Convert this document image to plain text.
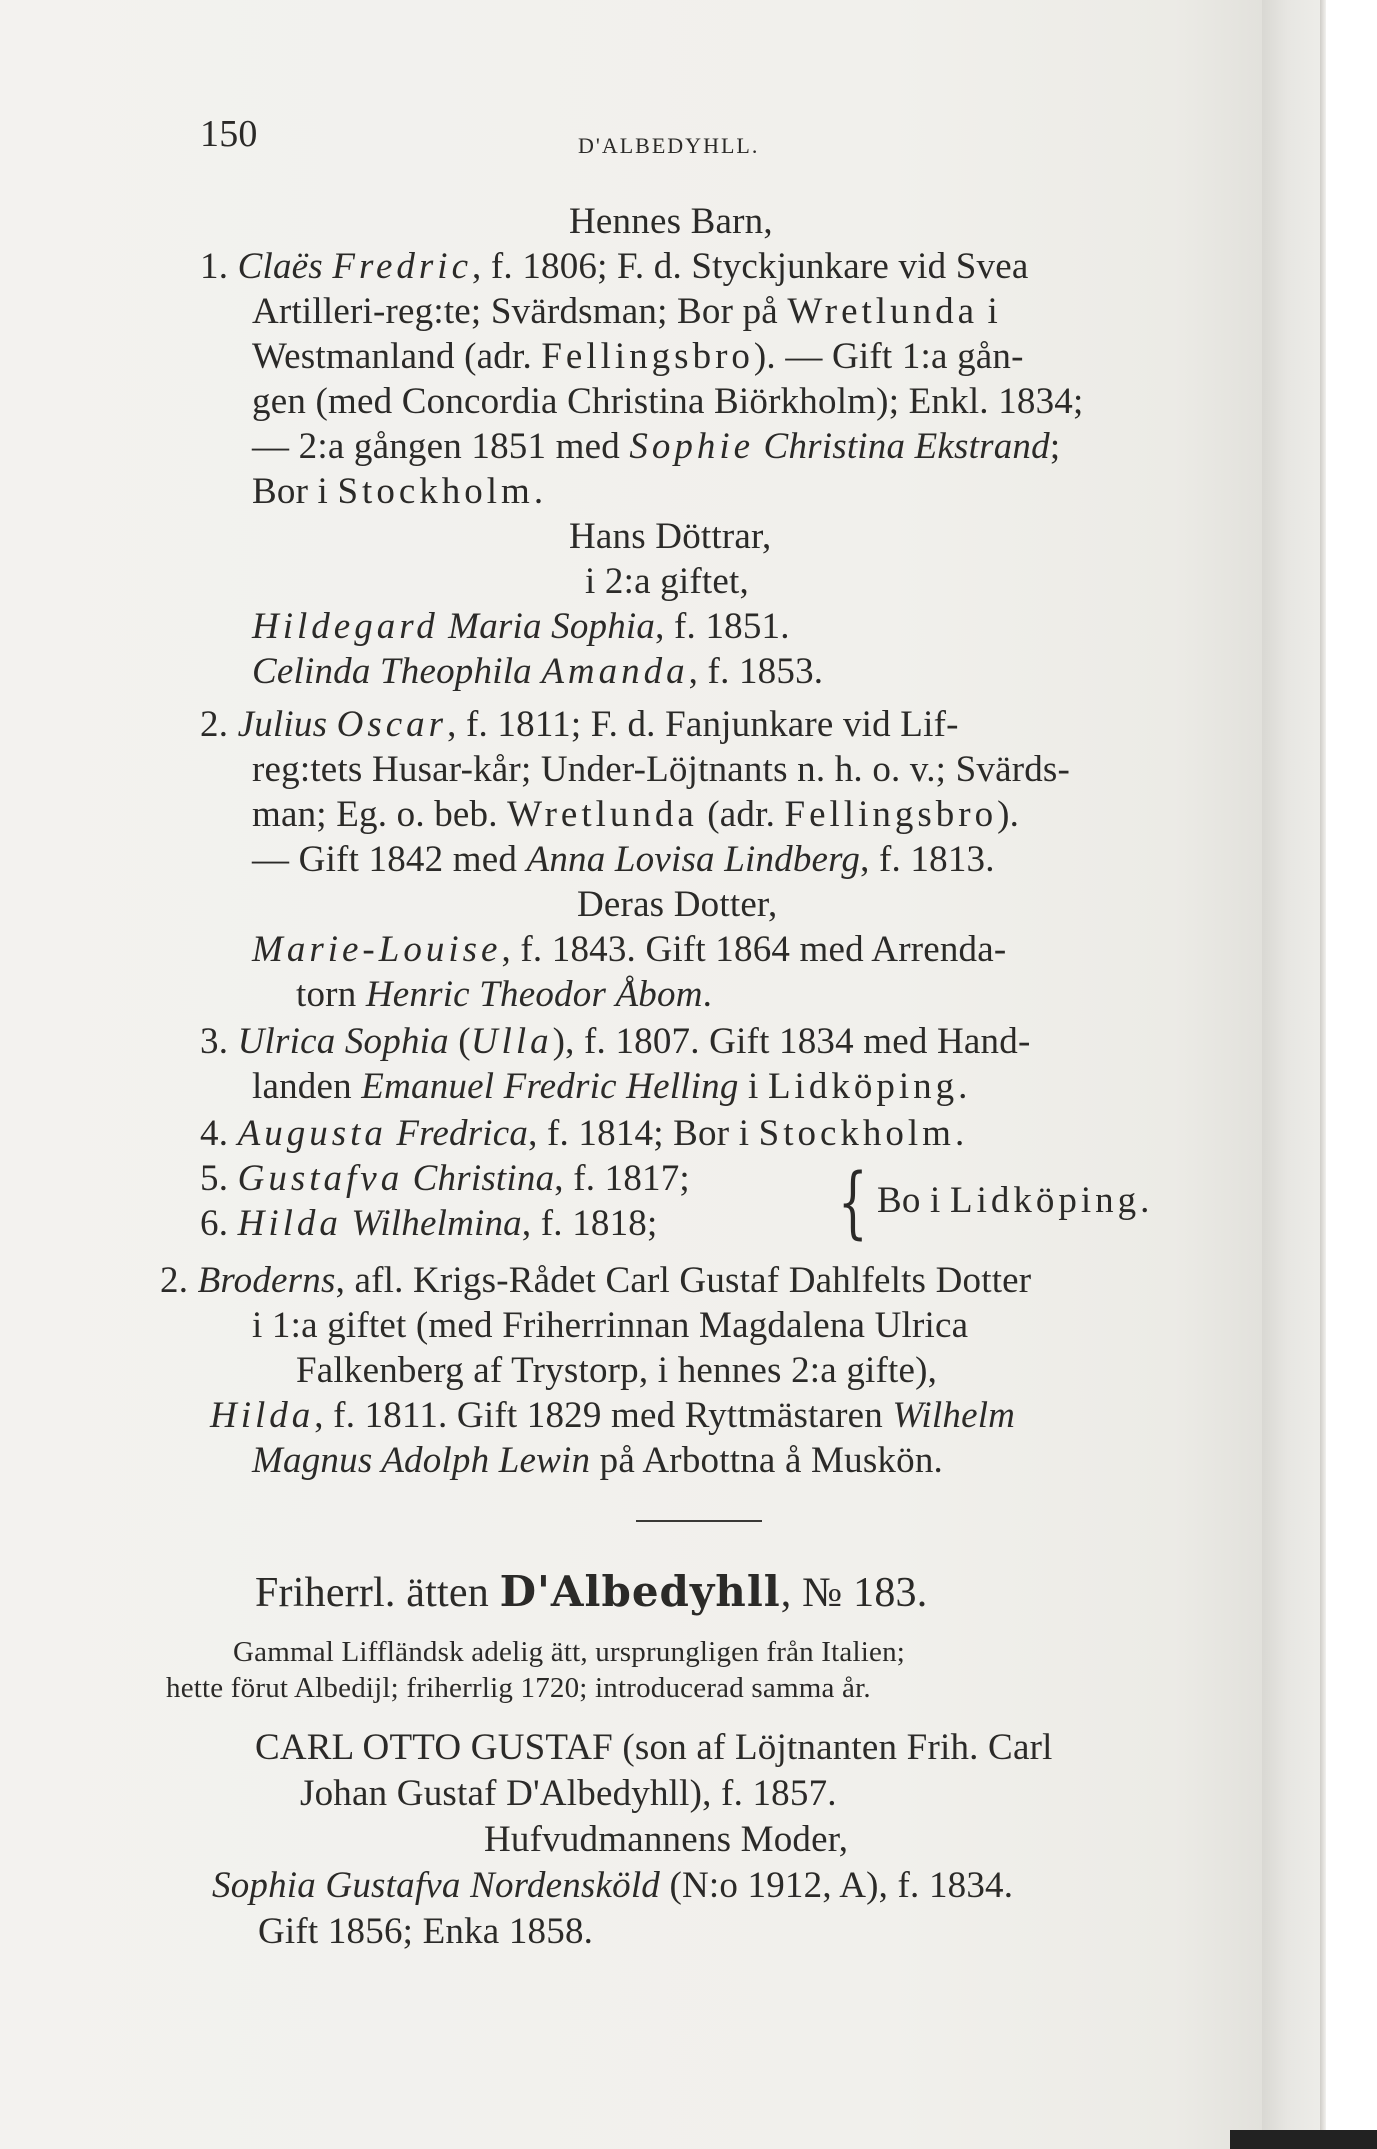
150	D'ALBEDYHLL.
Hennes Barn,
1. Claës Fredric, f. 1806; F. d. Styckjunkare vid Svea
Artilleri-reg:te; Svärdsman; Bor på Wretlunda i
Westmanland (adr. Fellingsbro). — Gift 1:a gån-
gen (med Concordia Christina Biörkholm); Enkl. 1834;
— 2:a gången 1851 med Sophie Christina Ekstrand;
Bor i Stockholm.
Hans Döttrar,
i 2:a giftet,
Hildegard Maria Sophia, f. 1851.
Celinda Theophila Amanda, f. 1853.
2. Julius Oscar, f. 1811; F. d. Fanjunkare vid Lif-
reg:tets Husar-kår; Under-Löjtnants n. h. o. v.; Svärds-
man; Eg. o. beb. Wretlunda (adr. Fellingsbro).
— Gift 1842 med Anna Lovisa Lindberg, f. 1813.
Deras Dotter,
Marie-Louise, f. 1843. Gift 1864 med Arrenda-
torn Henric Theodor Åbom.
3. Ulrica Sophia (Ulla), f. 1807. Gift 1834 med Hand-
landen Emanuel Fredric Helling i Lidköping.
4. Augusta Fredrica, f. 1814; Bor i Stockholm.
5. Gustafva Christina, f. 1817;
6. Hilda Wilhelmina, f. 1818; { Bo i Lidköping.
2. Broderns, afl. Krigs-Rådet Carl Gustaf Dahlfelts Dotter
i 1:a giftet (med Friherrinnan Magdalena Ulrica
Falkenberg af Trystorp, i hennes 2:a gifte),
Hilda, f. 1811. Gift 1829 med Ryttmästaren Wilhelm
Magnus Adolph Lewin på Arbottna å Muskön.
Friherrl. ätten D'Albedyhll, № 183.
Gammal Liffländsk adelig ätt, ursprungligen från Italien;
hette förut Albedijl; friherrlig 1720; introducerad samma år.
CARL OTTO GUSTAF (son af Löjtnanten Frih. Carl
Johan Gustaf D'Albedyhll), f. 1857.
Hufvudmannens Moder,
Sophia Gustafva Nordensköld (N:o 1912, A), f. 1834.
Gift 1856; Enka 1858.
